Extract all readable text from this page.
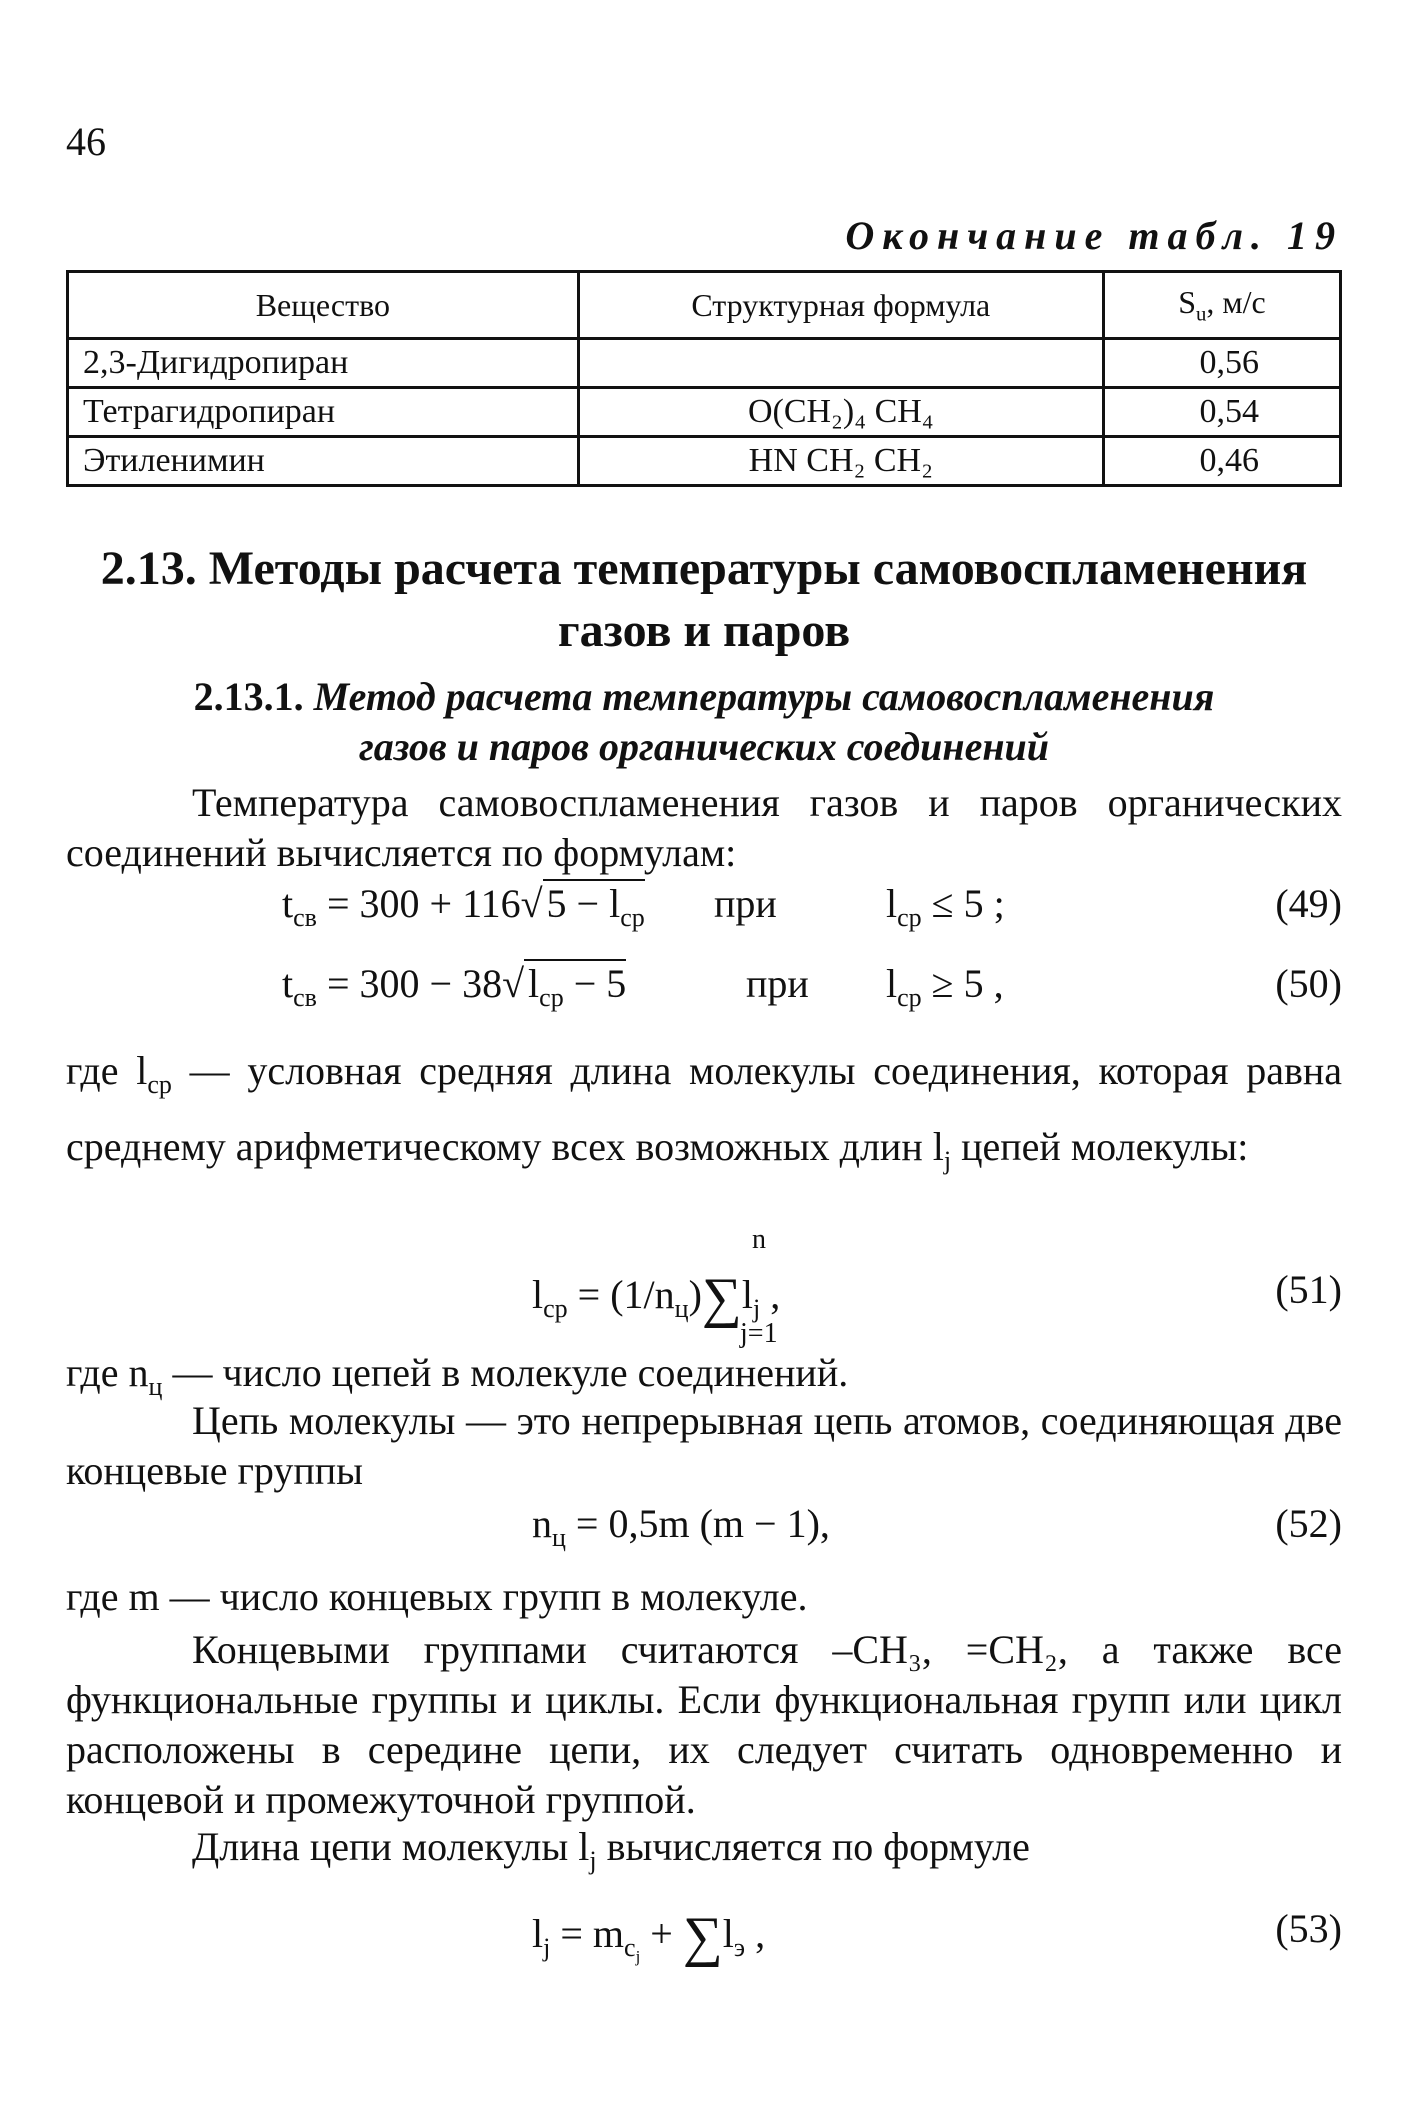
46
Окончание табл. 19
Вещество	Структурная формула	$S_u$, м/с
2,3-Дигидропиран		0,56
Тетрагидропиран	O(CH₂)₄ CH₄	0,54
Этиленимин	HN CH₂ CH₂	0,46
2.13. Методы расчета температуры самовоспламенения
газов и паров
2.13.1. Метод расчета температуры самовоспламенения
газов и паров органических соединений
Температура самовоспламенения газов и паров органических соединений вычисляется по формулам:
$t_{св} = 300 + 116√$ $5 - l_{ср}$ при	$l_{ср} \le 5$ ;	(49)
$t_{св} = 300 - 38√$ $l_{ср} - 5$	при $l_{ср} \ge 5$ ,	(50)
где $l_{ср}$ — условная средняя длина молекулы соединения, которая равна среднему арифметическому всех возможных длин $l_j$ цепей молекулы:
$l_{ср} = (1/n_ц)\sum l_j$ ,
n
j=1
(51)
где $n_ц$ — число цепей в молекуле соединений.
Цепь молекулы — это непрерывная цепь атомов, соединяющая две концевые группы
$n_ц = 0,5m$ (m − 1),	(52)
где m — число концевых групп в молекуле.
Концевыми группами считаются –CH₃, =CH₂, а также все функциональные группы и циклы. Если функциональная групп или цикл расположены в середине цепи, их следует считать одновременно и концевой и промежуточной группой.
Длина цепи молекулы $l_j$ вычисляется по формуле
$l_j = m_{c_j} + \sum l_э$ ,	(53)
